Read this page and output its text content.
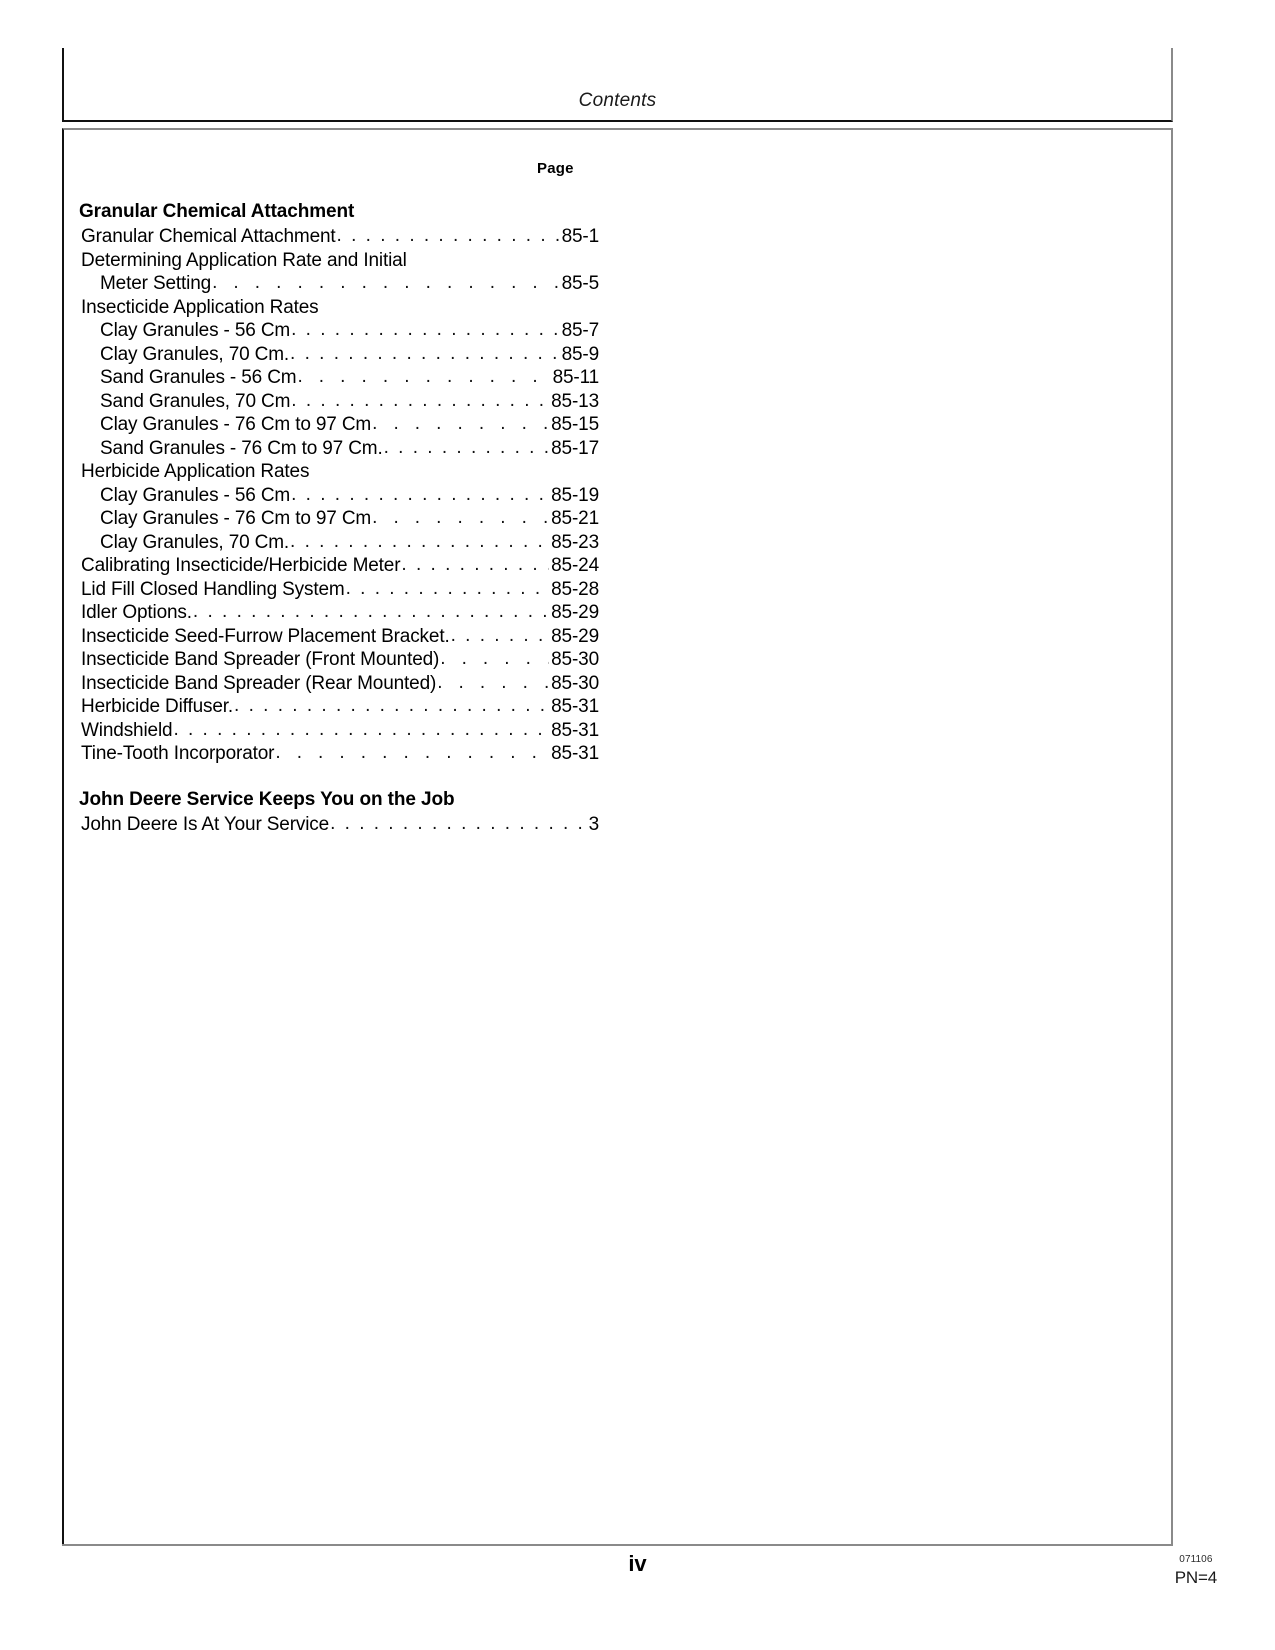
Contents
Page
Granular Chemical Attachment
Granular Chemical Attachment . . .	85-1
Determining Application Rate and Initial
Meter Setting . . .	85-5
Insecticide Application Rates
Clay Granules - 56 Cm . . .	85-7
Clay Granules, 70 Cm. . . .	85-9
Sand Granules - 56 Cm . . .	85-11
Sand Granules, 70 Cm . . .	85-13
Clay Granules - 76 Cm to 97 Cm . . .	85-15
Sand Granules - 76 Cm to 97 Cm. . . .	85-17
Herbicide Application Rates
Clay Granules - 56 Cm . . .	85-19
Clay Granules - 76 Cm to 97 Cm . . .	85-21
Clay Granules, 70 Cm. . . .	85-23
Calibrating Insecticide/Herbicide Meter . . .	85-24
Lid Fill Closed Handling System . . .	85-28
Idler Options. . . .	85-29
Insecticide Seed-Furrow Placement Bracket. . . .	85-29
Insecticide Band Spreader (Front Mounted) . . .	85-30
Insecticide Band Spreader (Rear Mounted) . . .	85-30
Herbicide Diffuser. . . .	85-31
Windshield . . .	85-31
Tine-Tooth Incorporator . . .	85-31
John Deere Service Keeps You on the Job
John Deere Is At Your Service . . .	3
iv	071106
PN=4
